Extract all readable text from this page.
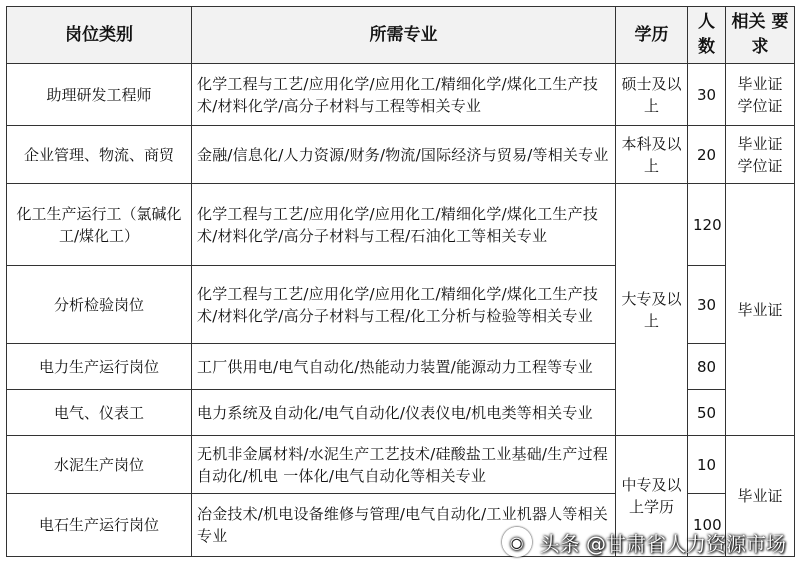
岗位类别	所需专业	学历	人 数	相关 要求
助理研发工程师	化学工程与工艺/应用化学/应用化工/精细化学/煤化工生产技术/材料化学/高分子材料与工程等相关专业	硕士及以上	30	毕业证学位证
企业管理、物流、商贸	金融/信息化/人力资源/财务/物流/国际经济与贸易/等相关专业	本科及以上	20	毕业证学位证
化工生产运行工（氯碱化工/煤化工）	化学工程与工艺/应用化学/应用化工/精细化学/煤化工生产技术/材料化学/高分子材料与工程/石油化工等相关专业	大专及以上	120	毕业证
分析检验岗位	化学工程与工艺/应用化学/应用化工/精细化学/煤化工生产技术/材料化学/高分子材料与工程/化工分析与检验等相关专业		30	
电力生产运行岗位	工厂供用电/电气自动化/热能动力装置/能源动力工程等专业		80	
电气、仪表工	电力系统及自动化/电气自动化/仪表仪电/机电类等相关专业		50	
水泥生产岗位	无机非金属材料/水泥生产工艺技术/硅酸盐工业基础/生产过程自动化/机电 一体化/电气自动化等相关专业	中专及以上学历	10	毕业证
电石生产运行岗位	冶金技术/机电设备维修与管理/电气自动化/工业机器人等相关专业		100	
◉ 头条 @甘肃省人力资源市场
